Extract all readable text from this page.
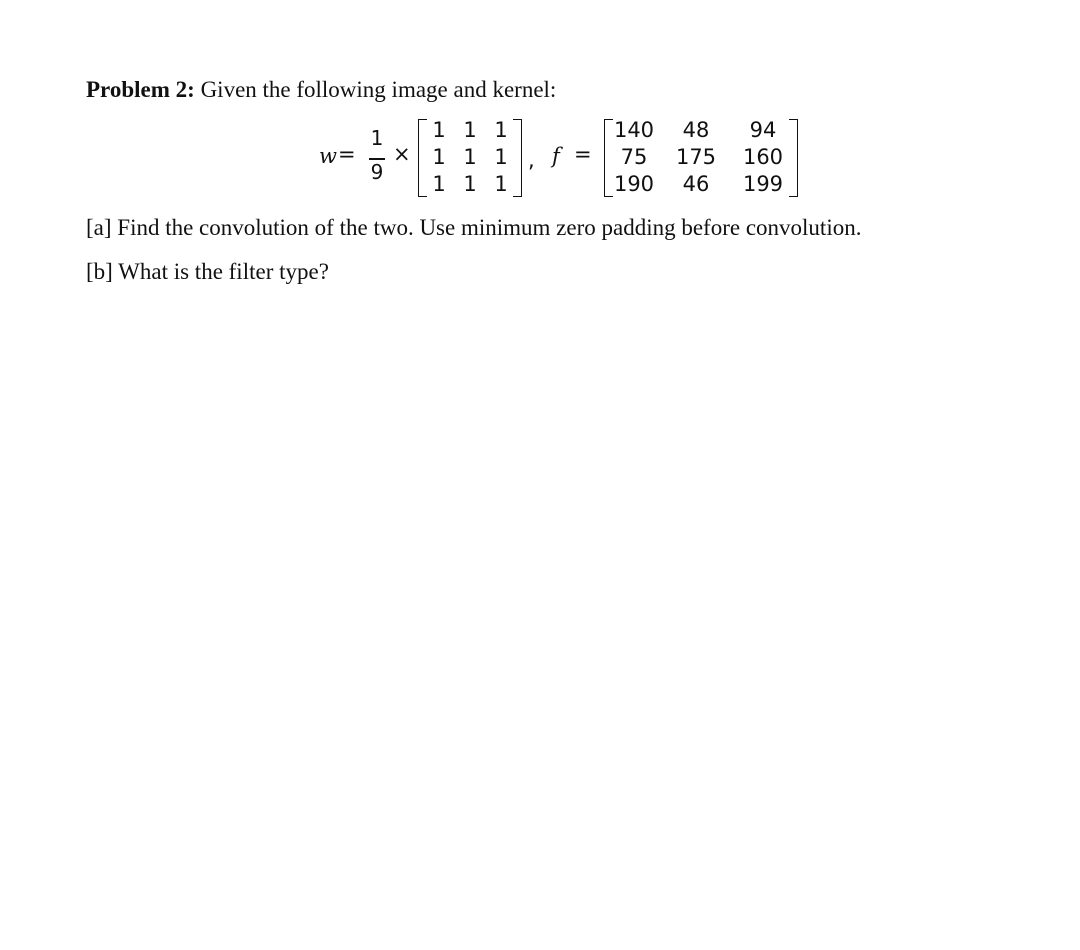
Problem 2: Given the following image and kernel:
w =
1
9
×
1 1 1
1 1 1
1 1 1
, f =
140	48	94
75	175	160
190	46	199
[a] Find the convolution of the two. Use minimum zero padding before convolution.
[b] What is the filter type?
